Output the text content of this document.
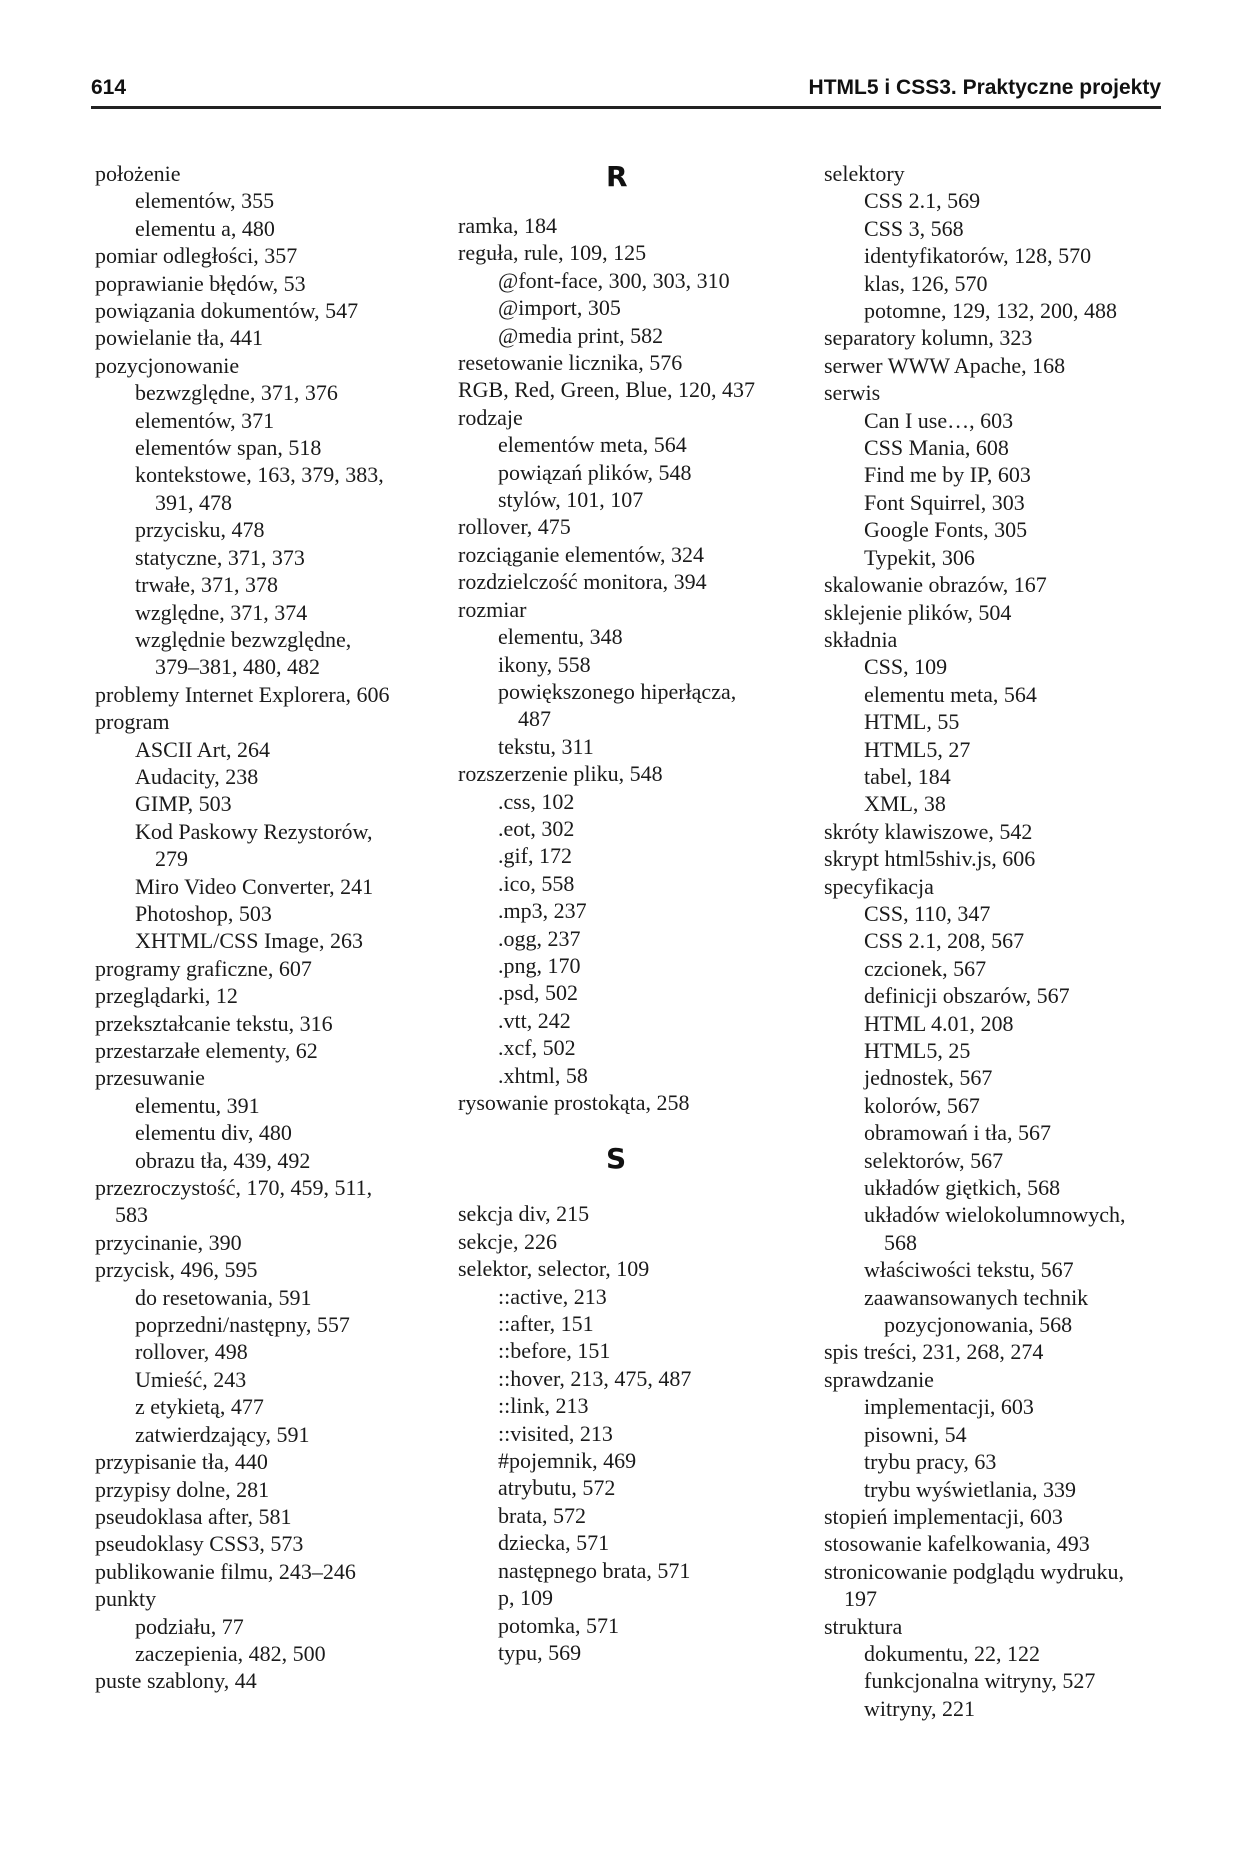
614	HTML5 i CSS3. Praktyczne projekty
położenie
elementów, 355
elementu a, 480
pomiar odległości, 357
poprawianie błędów, 53
powiązania dokumentów, 547
powielanie tła, 441
pozycjonowanie
bezwzględne, 371, 376
elementów, 371
elementów span, 518
kontekstowe, 163, 379, 383,
391, 478
przycisku, 478
statyczne, 371, 373
trwałe, 371, 378
względne, 371, 374
względnie bezwzględne,
379–381, 480, 482
problemy Internet Explorera, 606
program
ASCII Art, 264
Audacity, 238
GIMP, 503
Kod Paskowy Rezystorów,
279
Miro Video Converter, 241
Photoshop, 503
XHTML/CSS Image, 263
programy graficzne, 607
przeglądarki, 12
przekształcanie tekstu, 316
przestarzałe elementy, 62
przesuwanie
elementu, 391
elementu div, 480
obrazu tła, 439, 492
przezroczystość, 170, 459, 511,
583
przycinanie, 390
przycisk, 496, 595
do resetowania, 591
poprzedni/następny, 557
rollover, 498
Umieść, 243
z etykietą, 477
zatwierdzający, 591
przypisanie tła, 440
przypisy dolne, 281
pseudoklasa after, 581
pseudoklasy CSS3, 573
publikowanie filmu, 243–246
punkty
podziału, 77
zaczepienia, 482, 500
puste szablony, 44
R
ramka, 184
reguła, rule, 109, 125
@font-face, 300, 303, 310
@import, 305
@media print, 582
resetowanie licznika, 576
RGB, Red, Green, Blue, 120, 437
rodzaje
elementów meta, 564
powiązań plików, 548
stylów, 101, 107
rollover, 475
rozciąganie elementów, 324
rozdzielczość monitora, 394
rozmiar
elementu, 348
ikony, 558
powiększonego hiperłącza,
487
tekstu, 311
rozszerzenie pliku, 548
.css, 102
.eot, 302
.gif, 172
.ico, 558
.mp3, 237
.ogg, 237
.png, 170
.psd, 502
.vtt, 242
.xcf, 502
.xhtml, 58
rysowanie prostokąta, 258
S
sekcja div, 215
sekcje, 226
selektor, selector, 109
::active, 213
::after, 151
::before, 151
::hover, 213, 475, 487
::link, 213
::visited, 213
#pojemnik, 469
atrybutu, 572
brata, 572
dziecka, 571
następnego brata, 571
p, 109
potomka, 571
typu, 569
selektory
CSS 2.1, 569
CSS 3, 568
identyfikatorów, 128, 570
klas, 126, 570
potomne, 129, 132, 200, 488
separatory kolumn, 323
serwer WWW Apache, 168
serwis
Can I use…, 603
CSS Mania, 608
Find me by IP, 603
Font Squirrel, 303
Google Fonts, 305
Typekit, 306
skalowanie obrazów, 167
sklejenie plików, 504
składnia
CSS, 109
elementu meta, 564
HTML, 55
HTML5, 27
tabel, 184
XML, 38
skróty klawiszowe, 542
skrypt html5shiv.js, 606
specyfikacja
CSS, 110, 347
CSS 2.1, 208, 567
czcionek, 567
definicji obszarów, 567
HTML 4.01, 208
HTML5, 25
jednostek, 567
kolorów, 567
obramowań i tła, 567
selektorów, 567
układów giętkich, 568
układów wielokolumnowych,
568
właściwości tekstu, 567
zaawansowanych technik
pozycjonowania, 568
spis treści, 231, 268, 274
sprawdzanie
implementacji, 603
pisowni, 54
trybu pracy, 63
trybu wyświetlania, 339
stopień implementacji, 603
stosowanie kafelkowania, 493
stronicowanie podglądu wydruku,
197
struktura
dokumentu, 22, 122
funkcjonalna witryny, 527
witryny, 221
